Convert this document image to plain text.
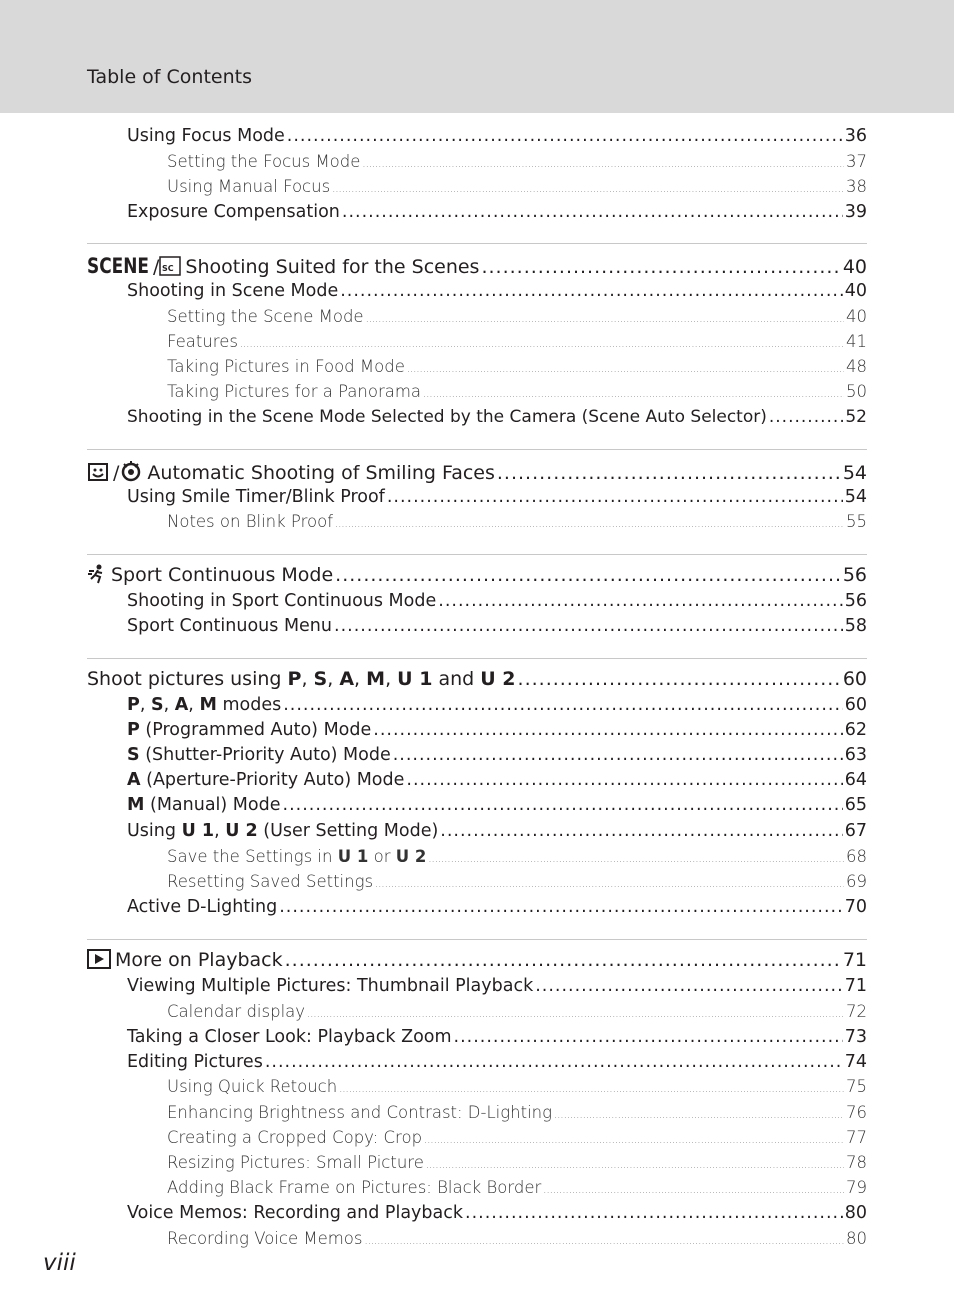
Table of Contents
Using Focus Mode .....	36
Setting the Focus Mode .....	37
Using Manual Focus .....	38
Exposure Compensation .....	39
SCENE / SC Shooting Suited for the Scenes .....	40
Shooting in Scene Mode .....	40
Setting the Scene Mode .....	40
Features .....	41
Taking Pictures in Food Mode .....	48
Taking Pictures for a Panorama .....	50
Shooting in the Scene Mode Selected by the Camera (Scene Auto Selector) .....	52
/ Automatic Shooting of Smiling Faces .....	54
Using Smile Timer/Blink Proof .....	54
Notes on Blink Proof .....	55
Sport Continuous Mode .....	56
Shooting in Sport Continuous Mode .....	56
Sport Continuous Menu .....	58
Shoot pictures using P, S, A, M, U 1 and U 2 .....	60
P, S, A, M modes .....	60
P (Programmed Auto) Mode .....	62
S (Shutter-Priority Auto) Mode .....	63
A (Aperture-Priority Auto) Mode .....	64
M (Manual) Mode .....	65
Using U 1, U 2 (User Setting Mode) .....	67
Save the Settings in U 1 or U 2 .....	68
Resetting Saved Settings .....	69
Active D-Lighting .....	70
More on Playback .....	71
Viewing Multiple Pictures: Thumbnail Playback .....	71
Calendar display .....	72
Taking a Closer Look: Playback Zoom .....	73
Editing Pictures .....	74
Using Quick Retouch .....	75
Enhancing Brightness and Contrast: D-Lighting .....	76
Creating a Cropped Copy: Crop .....	77
Resizing Pictures: Small Picture .....	78
Adding Black Frame on Pictures: Black Border .....	79
Voice Memos: Recording and Playback .....	80
Recording Voice Memos .....	80
viii
